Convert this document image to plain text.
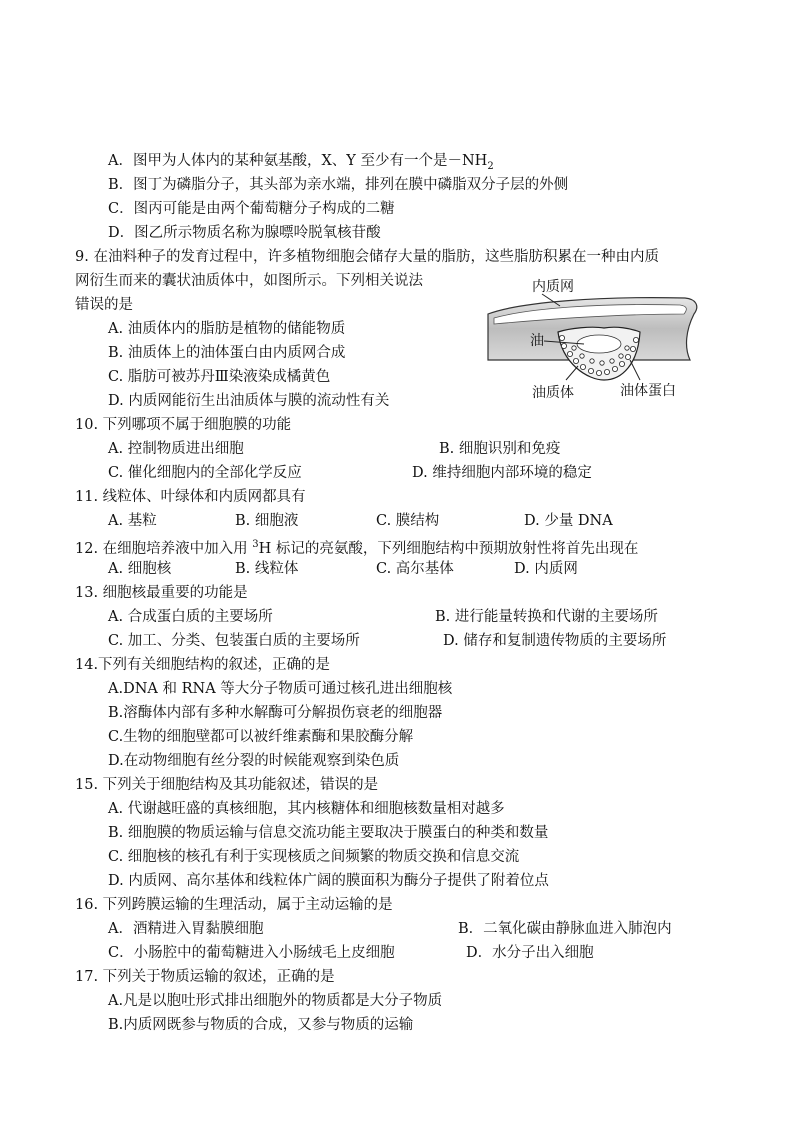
A．图甲为人体内的某种氨基酸，X、Y 至少有一个是$-NH_2$
B．图丁为磷脂分子，其头部为亲水端，排列在膜中磷脂双分子层的外侧
C．图丙可能是由两个葡萄糖分子构成的二糖
D．图乙所示物质名称为腺嘌呤脱氧核苷酸
9. 在油料种子的发育过程中，许多植物细胞会储存大量的脂肪，这些脂肪积累在一种由内质
网衍生而来的囊状油质体中，如图所示。下列相关说法
错误的是
A. 油质体内的脂肪是植物的储能物质
B. 油质体上的油体蛋白由内质网合成
C. 脂肪可被苏丹Ⅲ染液染成橘黄色
D. 内质网能衍生出油质体与膜的流动性有关
内质网
油
油质体	油体蛋白
10. 下列哪项不属于细胞膜的功能
A. 控制物质进出细胞	B. 细胞识别和免疫
C. 催化细胞内的全部化学反应	D. 维持细胞内部环境的稳定
11. 线粒体、叶绿体和内质网都具有
A. 基粒	B. 细胞液	C. 膜结构	D. 少量 DNA
12. 在细胞培养液中加入用 $^3$H 标记的亮氨酸，下列细胞结构中预期放射性将首先出现在
A. 细胞核	B. 线粒体	C. 高尔基体	D. 内质网
13. 细胞核最重要的功能是
A. 合成蛋白质的主要场所	B. 进行能量转换和代谢的主要场所
C. 加工、分类、包装蛋白质的主要场所	D. 储存和复制遗传物质的主要场所
14.下列有关细胞结构的叙述，正确的是
A.DNA 和 RNA 等大分子物质可通过核孔进出细胞核
B.溶酶体内部有多种水解酶可分解损伤衰老的细胞器
C.生物的细胞壁都可以被纤维素酶和果胶酶分解
D.在动物细胞有丝分裂的时候能观察到染色质
15. 下列关于细胞结构及其功能叙述，错误的是
A. 代谢越旺盛的真核细胞，其内核糖体和细胞核数量相对越多
B. 细胞膜的物质运输与信息交流功能主要取决于膜蛋白的种类和数量
C. 细胞核的核孔有利于实现核质之间频繁的物质交换和信息交流
D. 内质网、高尔基体和线粒体广阔的膜面积为酶分子提供了附着位点
16. 下列跨膜运输的生理活动，属于主动运输的是
A．酒精进入胃黏膜细胞	B．二氧化碳由静脉血进入肺泡内
C．小肠腔中的葡萄糖进入小肠绒毛上皮细胞	D．水分子出入细胞
17. 下列关于物质运输的叙述，正确的是
A.凡是以胞吐形式排出细胞外的物质都是大分子物质
B.内质网既参与物质的合成，又参与物质的运输
